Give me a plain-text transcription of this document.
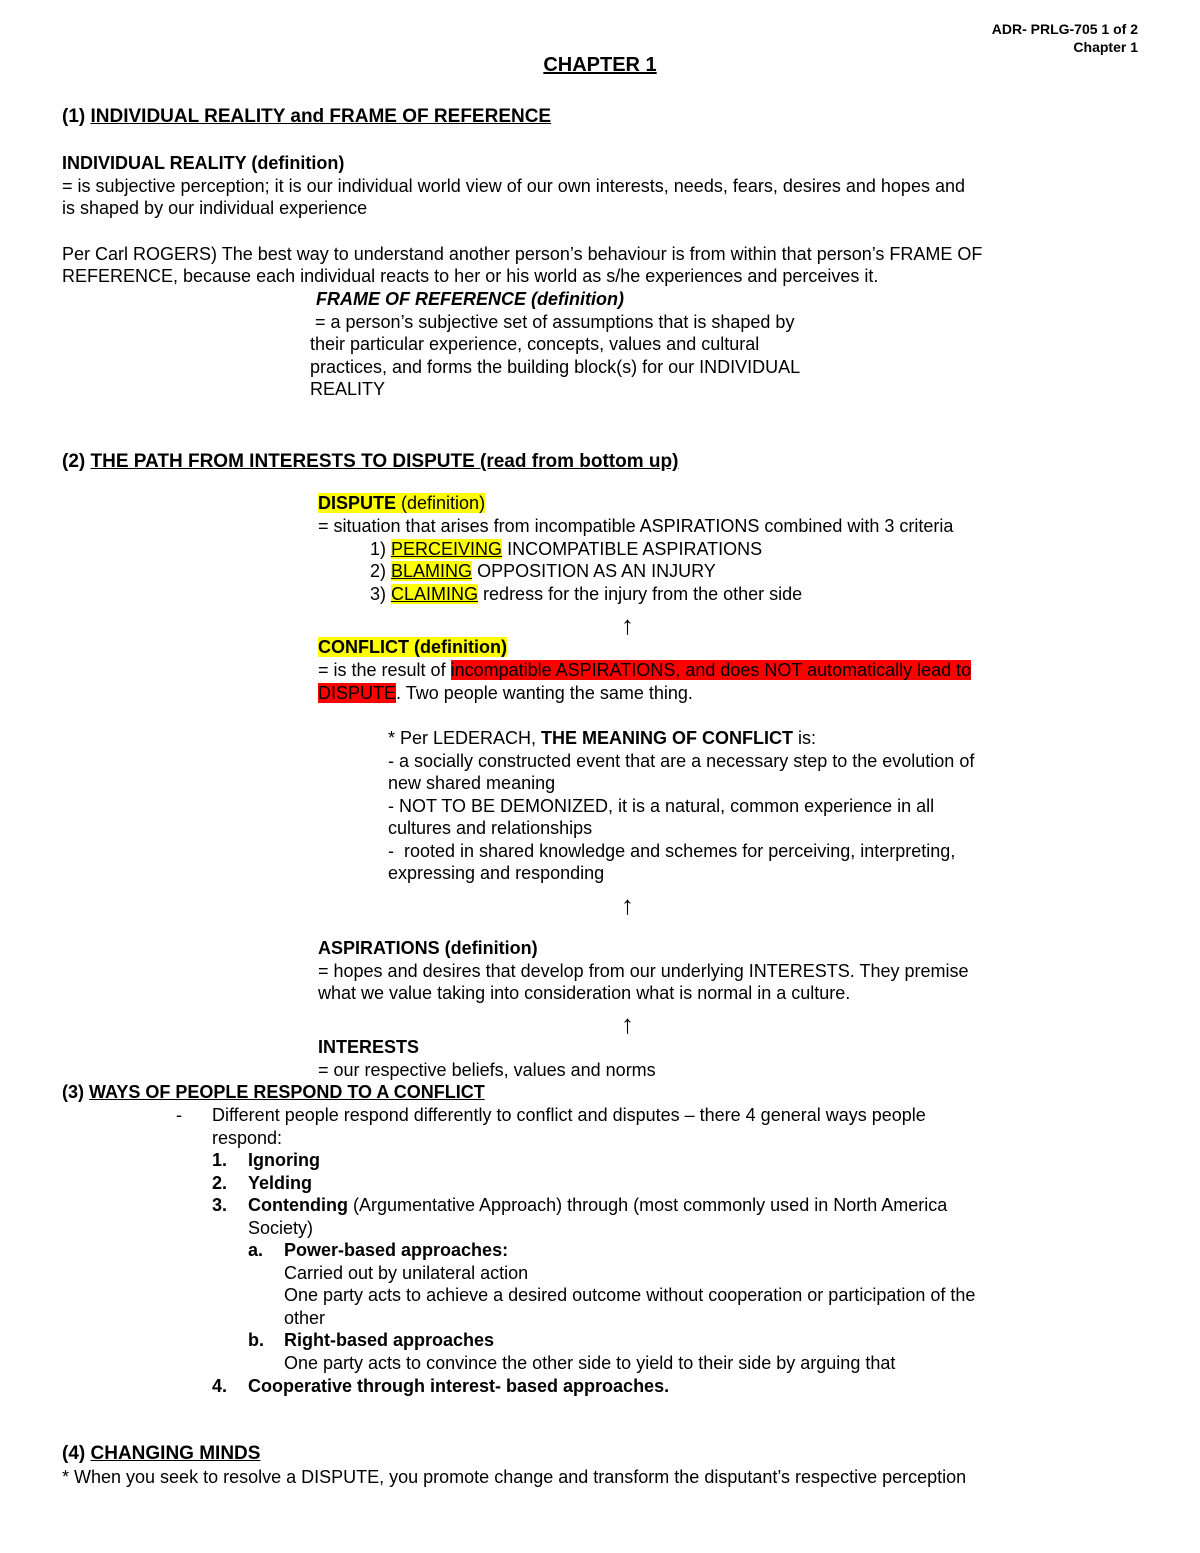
ADR- PRLG-705 1 of 2
Chapter 1
CHAPTER 1
(1) INDIVIDUAL REALITY and FRAME OF REFERENCE
INDIVIDUAL REALITY (definition)
= is subjective perception; it is our individual world view of our own interests, needs, fears, desires and hopes and
is shaped by our individual experience
Per Carl ROGERS) The best way to understand another person’s behaviour is from within that person’s FRAME OF
REFERENCE, because each individual reacts to her or his world as s/he experiences and perceives it.
FRAME OF REFERENCE (definition)
= a person’s subjective set of assumptions that is shaped by
their particular experience, concepts, values and cultural
practices, and forms the building block(s) for our INDIVIDUAL
REALITY
(2) THE PATH FROM INTERESTS TO DISPUTE (read from bottom up)
DISPUTE (definition)
= situation that arises from incompatible ASPIRATIONS combined with 3 criteria
1) PERCEIVING INCOMPATIBLE ASPIRATIONS
2) BLAMING OPPOSITION AS AN INJURY
3) CLAIMING redress for the injury from the other side
↑
CONFLICT (definition)
= is the result of incompatible ASPIRATIONS, and does NOT automatically lead to
DISPUTE. Two people wanting the same thing.
* Per LEDERACH, THE MEANING OF CONFLICT is:
- a socially constructed event that are a necessary step to the evolution of
new shared meaning
- NOT TO BE DEMONIZED, it is a natural, common experience in all
cultures and relationships
-  rooted in shared knowledge and schemes for perceiving, interpreting,
expressing and responding
↑
ASPIRATIONS (definition)
= hopes and desires that develop from our underlying INTERESTS. They premise
what we value taking into consideration what is normal in a culture.
↑
INTERESTS
= our respective beliefs, values and norms
(3) WAYS OF PEOPLE RESPOND TO A CONFLICT
- Different people respond differently to conflict and disputes – there 4 general ways people
respond:
1. Ignoring
2. Yelding
3. Contending (Argumentative Approach) through (most commonly used in North America
Society)
a. Power-based approaches:
Carried out by unilateral action
One party acts to achieve a desired outcome without cooperation or participation of the
other
b. Right-based approaches
One party acts to convince the other side to yield to their side by arguing that
4. Cooperative through interest- based approaches.
(4) CHANGING MINDS
* When you seek to resolve a DISPUTE, you promote change and transform the disputant’s respective perception
